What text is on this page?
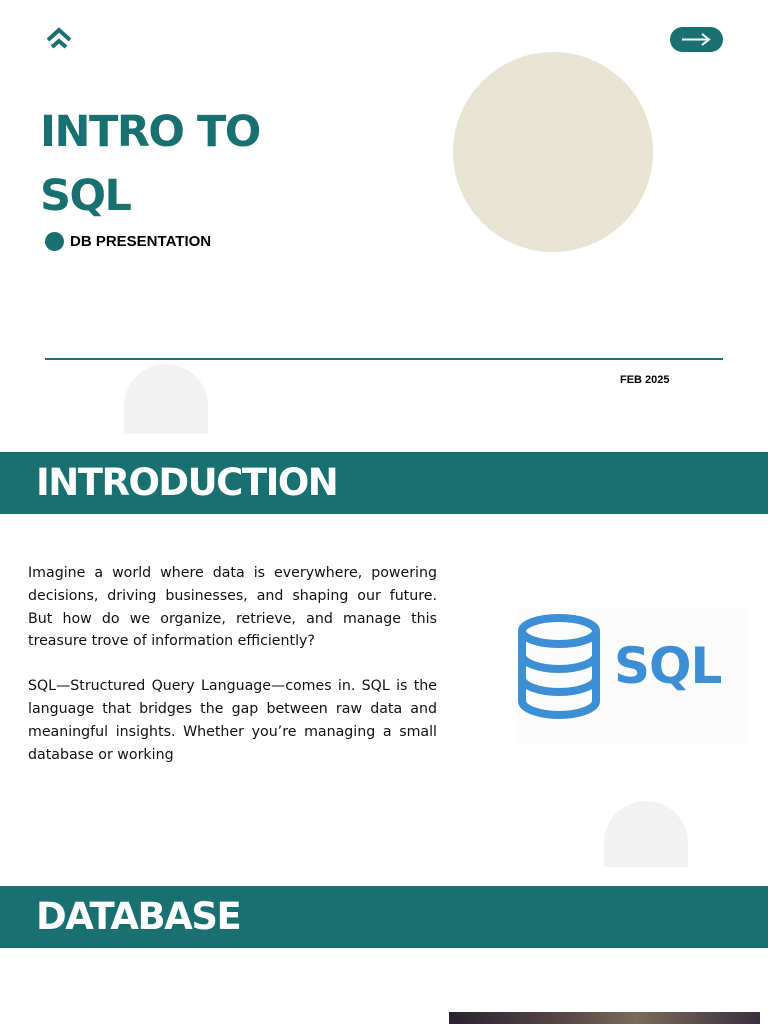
INTRO TO
SQL
DB PRESENTATION
FEB 2025
INTRODUCTION

Imagine a world where data is everywhere, powering decisions, driving businesses, and shaping our future. But how do we organize, retrieve, and manage this treasure trove of information efficiently?

SQL—Structured Query Language—comes in. SQL is the language that bridges the gap between raw data and meaningful insights. Whether you’re managing a small database or working

SQL
DATABASE
